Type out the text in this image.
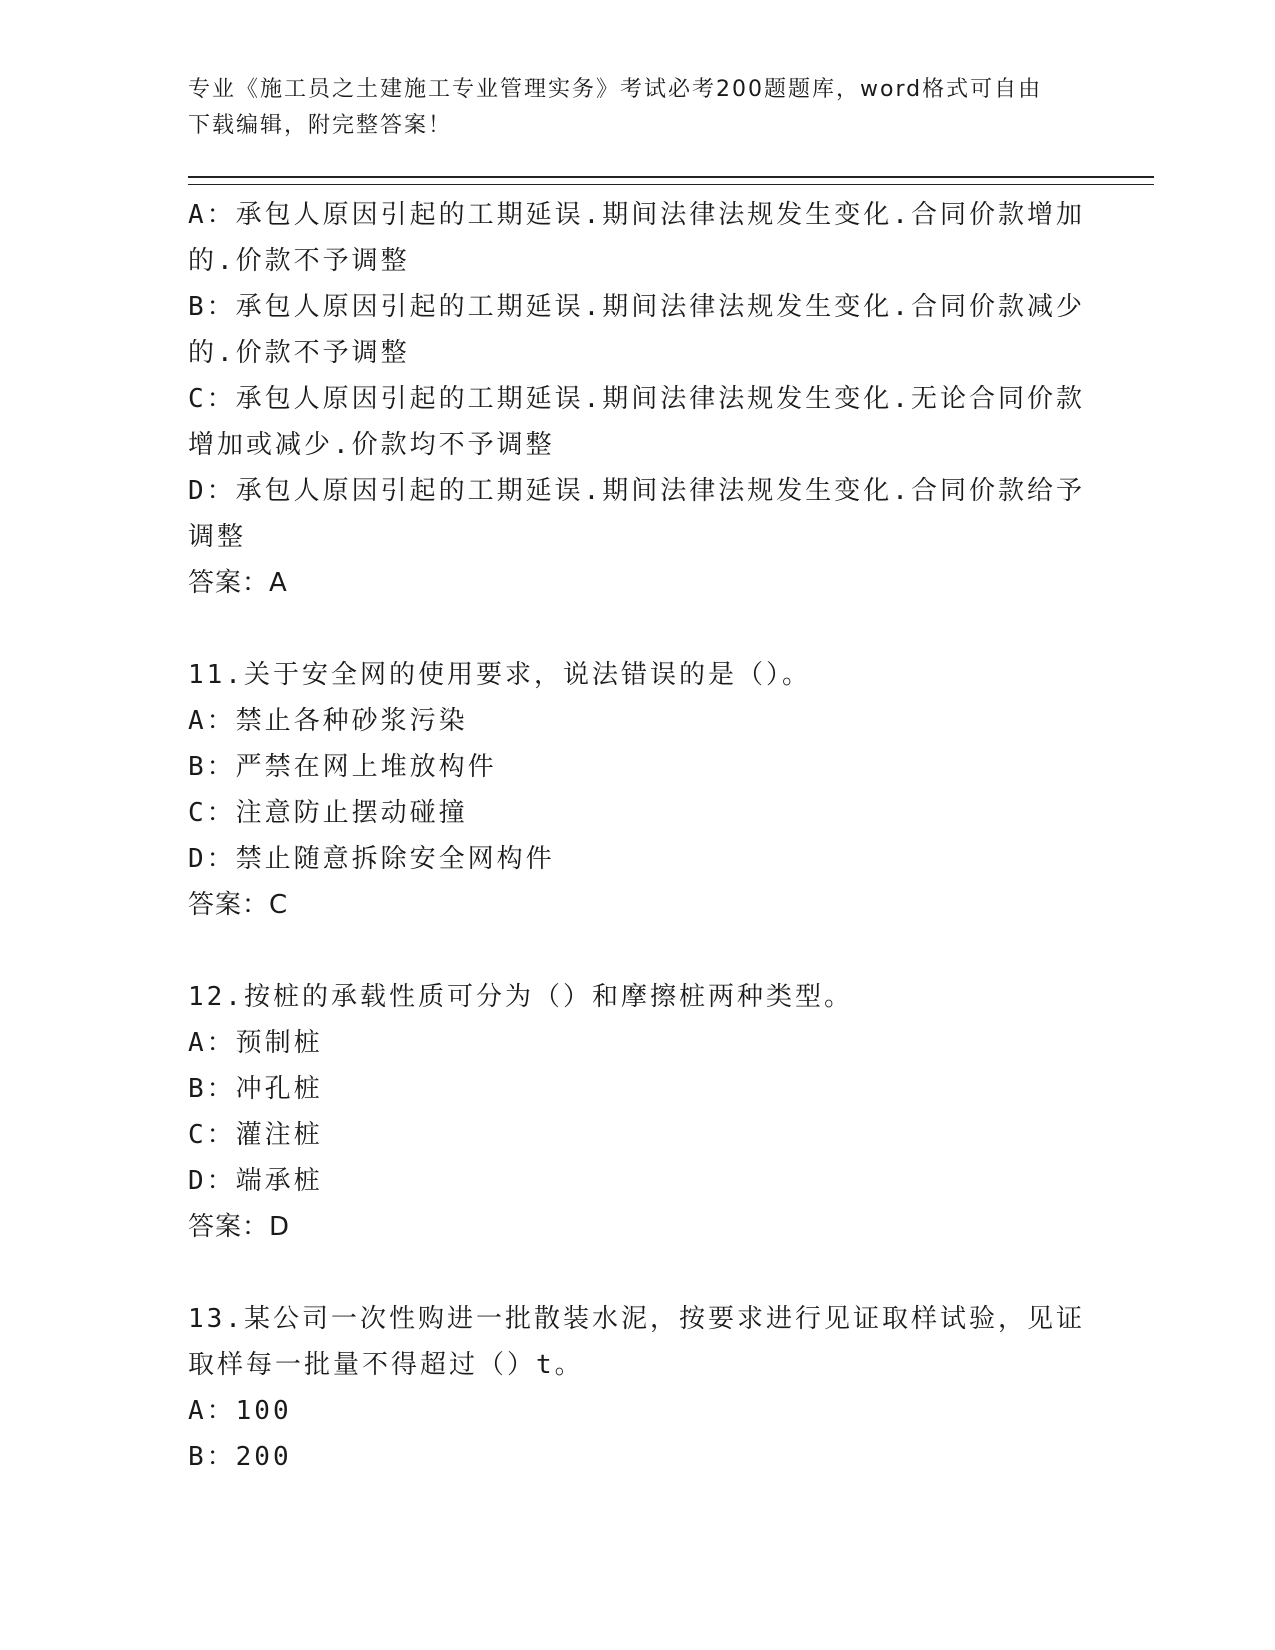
专业《施工员之土建施工专业管理实务》考试必考200题题库，word格式可自由
下载编辑，附完整答案！
A：承包人原因引起的工期延误.期间法律法规发生变化.合同价款增加
的.价款不予调整
B：承包人原因引起的工期延误.期间法律法规发生变化.合同价款减少
的.价款不予调整
C：承包人原因引起的工期延误.期间法律法规发生变化.无论合同价款
增加或减少.价款均不予调整
D：承包人原因引起的工期延误.期间法律法规发生变化.合同价款给予
调整
答案：A
11.关于安全网的使用要求，说法错误的是（）。
A：禁止各种砂浆污染
B：严禁在网上堆放构件
C：注意防止摆动碰撞
D：禁止随意拆除安全网构件
答案：C
12.按桩的承载性质可分为（）和摩擦桩两种类型。
A：预制桩
B：冲孔桩
C：灌注桩
D：端承桩
答案：D
13.某公司一次性购进一批散装水泥，按要求进行见证取样试验，见证
取样每一批量不得超过（）t。
A：100
B：200
